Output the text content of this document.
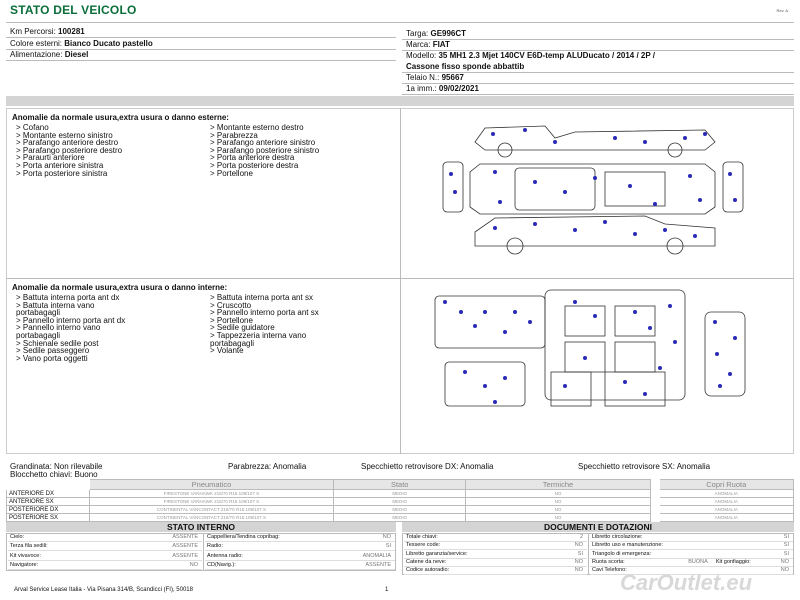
STATO DEL VEICOLO	Rev. A
Km Percorsi: 100281
Colore esterni: Bianco Ducato pastello
Alimentazione: Diesel
Targa: GE996CT
Marca: FIAT
Modello: 35 MH1 2.3 Mjet 140CV E6D-temp ALUDucato / 2014 / 2P /
Cassone fisso sponde abbattib
Telaio N.: 95667
1a imm.: 09/02/2021
Anomalie da normale usura,extra usura o danno esterne:
> Cofano
> Montante esterno sinistro
> Parafango anteriore destro
> Parafango posteriore destro
> Paraurti anteriore
> Porta anteriore sinistra
> Porta posteriore sinistra
> Montante esterno destro
> Parabrezza
> Parafango anteriore sinistro
> Parafango posteriore sinistro
> Porta anteriore destra
> Porta posteriore destra
> Portellone
Anomalie da normale usura,extra usura o danno interne:
> Battuta interna porta ant dx
> Battuta interna vano
portabagagli
> Pannello interno porta ant dx
> Pannello interno vano
portabagagli
> Schienale sedile post
> Sedile passeggero
> Vano porta oggetti
> Battuta interna porta ant sx
> Cruscotto
> Pannello interno porta ant sx
> Portellone
> Sedile guidatore
> Tappezzeria interna vano
portabagagli
> Volante
Grandinata: Non rilevabile
Blocchetto chiavi: Buono
Parabrezza: Anomalia	Specchietto retrovisore DX: Anomalia	Specchietto retrovisore SX: Anomalia
	Pneumatico	Stato	Termiche		Copri Ruota
ANTERIORE DX	FIRESTONE VANHAWK 215/70 R15 109/107 S	MEDIO	NO		ANOMALIA
ANTERIORE SX	FIRESTONE VANHAWK 215/70 R15 109/107 S	MEDIO	NO		ANOMALIA
POSTERIORE DX	CONTINENTAL VANCONTACT 215/70 R15 109/107 S	MEDIO	NO		ANOMALIA
POSTERIORE SX	CONTINENTAL VANCONTACT 215/70 R15 109/107 S	MEDIO	NO		ANOMALIA
STATO INTERNO
Cielo:	ASSENTE
Terza fila sedili:	ASSENTE
Kit vivavoce:	ASSENTE
Navigatore:	NO
Cappelliera/Tendina copribag:	NO
Radio:	SI
Antenna radio:	ANOMALIA
CD(Navig.):	ASSENTE
DOCUMENTI E DOTAZIONI
Totale chiavi:	2
Tessere code:	NO
Libretto garanzia/service:	SI
Catene da neve:	NO
Codice autoradio:	NO
Libretto circolazione:	SI
Libretto uso e manutenzione:	SI
Triangolo di emergenza:	SI
Ruota scorta:	BUONA Kit gonfiaggio:	NO
Cavi Telefono:	NO
Arval Service Lease Italia - Via Pisana 314/B, Scandicci (FI), 50018	1	CarOutlet.eu
